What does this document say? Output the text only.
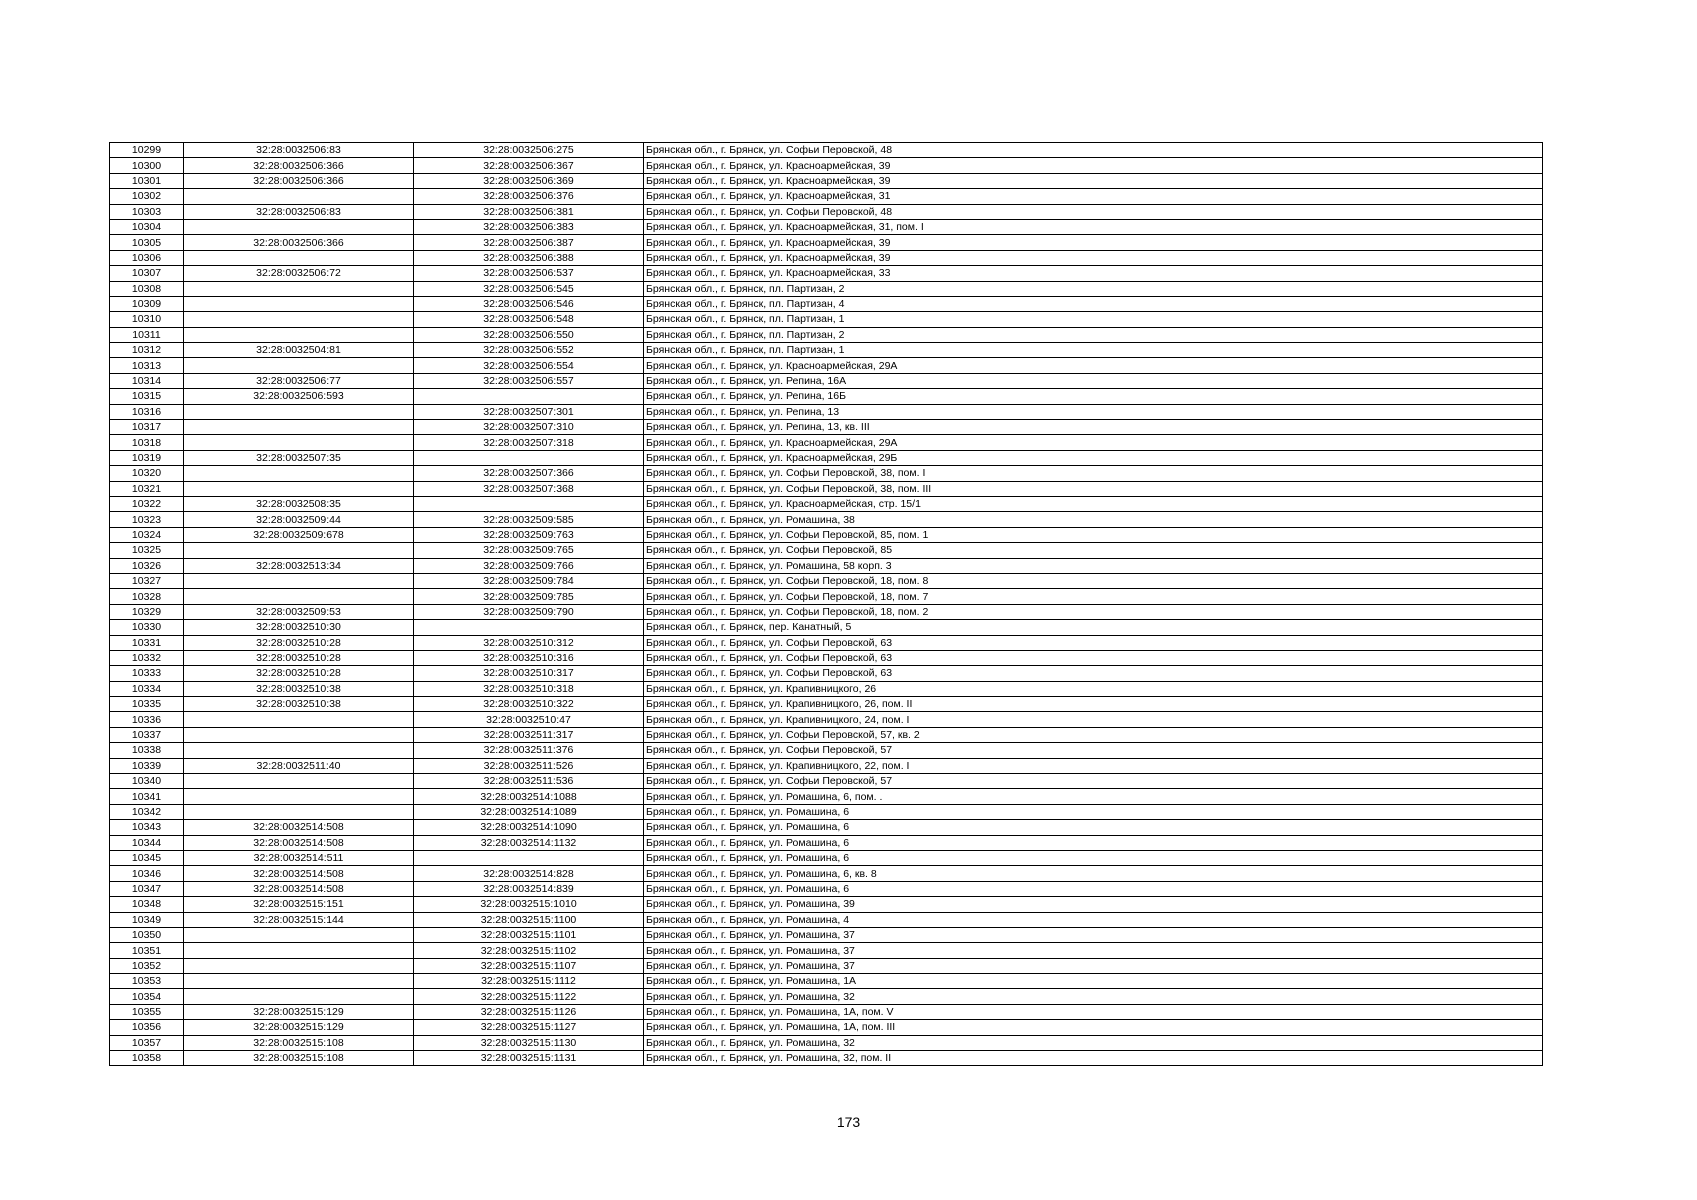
10299	32:28:0032506:83	32:28:0032506:275	Брянская обл., г. Брянск, ул. Софьи Перовской, 48
10300	32:28:0032506:366	32:28:0032506:367	Брянская обл., г. Брянск, ул. Красноармейская, 39
10301	32:28:0032506:366	32:28:0032506:369	Брянская обл., г. Брянск, ул. Красноармейская, 39
10302		32:28:0032506:376	Брянская обл., г. Брянск, ул. Красноармейская, 31
10303	32:28:0032506:83	32:28:0032506:381	Брянская обл., г. Брянск, ул. Софьи Перовской, 48
10304		32:28:0032506:383	Брянская обл., г. Брянск, ул. Красноармейская, 31, пом. I
10305	32:28:0032506:366	32:28:0032506:387	Брянская обл., г. Брянск, ул. Красноармейская, 39
10306		32:28:0032506:388	Брянская обл., г. Брянск, ул. Красноармейская, 39
10307	32:28:0032506:72	32:28:0032506:537	Брянская обл., г. Брянск, ул. Красноармейская, 33
10308		32:28:0032506:545	Брянская обл., г. Брянск, пл. Партизан, 2
10309		32:28:0032506:546	Брянская обл., г. Брянск, пл. Партизан, 4
10310		32:28:0032506:548	Брянская обл., г. Брянск, пл. Партизан, 1
10311		32:28:0032506:550	Брянская обл., г. Брянск, пл. Партизан, 2
10312	32:28:0032504:81	32:28:0032506:552	Брянская обл., г. Брянск, пл. Партизан, 1
10313		32:28:0032506:554	Брянская обл., г. Брянск, ул. Красноармейская, 29А
10314	32:28:0032506:77	32:28:0032506:557	Брянская обл., г. Брянск, ул. Репина, 16А
10315	32:28:0032506:593		Брянская обл., г. Брянск, ул. Репина, 16Б
10316		32:28:0032507:301	Брянская обл., г. Брянск, ул. Репина, 13
10317		32:28:0032507:310	Брянская обл., г. Брянск, ул. Репина, 13, кв. III
10318		32:28:0032507:318	Брянская обл., г. Брянск, ул. Красноармейская, 29А
10319	32:28:0032507:35		Брянская обл., г. Брянск, ул. Красноармейская, 29Б
10320		32:28:0032507:366	Брянская обл., г. Брянск, ул. Софьи Перовской, 38, пом. I
10321		32:28:0032507:368	Брянская обл., г. Брянск, ул. Софьи Перовской, 38, пом. III
10322	32:28:0032508:35		Брянская обл., г. Брянск, ул. Красноармейская, стр. 15/1
10323	32:28:0032509:44	32:28:0032509:585	Брянская обл., г. Брянск, ул. Ромашина, 38
10324	32:28:0032509:678	32:28:0032509:763	Брянская обл., г. Брянск, ул. Софьи Перовской, 85, пом. 1
10325		32:28:0032509:765	Брянская обл., г. Брянск, ул. Софьи Перовской, 85
10326	32:28:0032513:34	32:28:0032509:766	Брянская обл., г. Брянск, ул. Ромашина, 58 корп. 3
10327		32:28:0032509:784	Брянская обл., г. Брянск, ул. Софьи Перовской, 18, пом. 8
10328		32:28:0032509:785	Брянская обл., г. Брянск, ул. Софьи Перовской, 18, пом. 7
10329	32:28:0032509:53	32:28:0032509:790	Брянская обл., г. Брянск, ул. Софьи Перовской, 18, пом. 2
10330	32:28:0032510:30		Брянская обл., г. Брянск, пер. Канатный, 5
10331	32:28:0032510:28	32:28:0032510:312	Брянская обл., г. Брянск, ул. Софьи Перовской, 63
10332	32:28:0032510:28	32:28:0032510:316	Брянская обл., г. Брянск, ул. Софьи Перовской, 63
10333	32:28:0032510:28	32:28:0032510:317	Брянская обл., г. Брянск, ул. Софьи Перовской, 63
10334	32:28:0032510:38	32:28:0032510:318	Брянская обл., г. Брянск, ул. Крапивницкого, 26
10335	32:28:0032510:38	32:28:0032510:322	Брянская обл., г. Брянск, ул. Крапивницкого, 26, пом. II
10336		32:28:0032510:47	Брянская обл., г. Брянск, ул. Крапивницкого, 24, пом. I
10337		32:28:0032511:317	Брянская обл., г. Брянск, ул. Софьи Перовской, 57, кв. 2
10338		32:28:0032511:376	Брянская обл., г. Брянск, ул. Софьи Перовской, 57
10339	32:28:0032511:40	32:28:0032511:526	Брянская обл., г. Брянск, ул. Крапивницкого, 22, пом. I
10340		32:28:0032511:536	Брянская обл., г. Брянск, ул. Софьи Перовской, 57
10341		32:28:0032514:1088	Брянская обл., г. Брянск, ул. Ромашина, 6, пом. .
10342		32:28:0032514:1089	Брянская обл., г. Брянск, ул. Ромашина, 6
10343	32:28:0032514:508	32:28:0032514:1090	Брянская обл., г. Брянск, ул. Ромашина, 6
10344	32:28:0032514:508	32:28:0032514:1132	Брянская обл., г. Брянск, ул. Ромашина, 6
10345	32:28:0032514:511		Брянская обл., г. Брянск, ул. Ромашина, 6
10346	32:28:0032514:508	32:28:0032514:828	Брянская обл., г. Брянск, ул. Ромашина, 6, кв. 8
10347	32:28:0032514:508	32:28:0032514:839	Брянская обл., г. Брянск, ул. Ромашина, 6
10348	32:28:0032515:151	32:28:0032515:1010	Брянская обл., г. Брянск, ул. Ромашина, 39
10349	32:28:0032515:144	32:28:0032515:1100	Брянская обл., г. Брянск, ул. Ромашина, 4
10350		32:28:0032515:1101	Брянская обл., г. Брянск, ул. Ромашина, 37
10351		32:28:0032515:1102	Брянская обл., г. Брянск, ул. Ромашина, 37
10352		32:28:0032515:1107	Брянская обл., г. Брянск, ул. Ромашина, 37
10353		32:28:0032515:1112	Брянская обл., г. Брянск, ул. Ромашина, 1А
10354		32:28:0032515:1122	Брянская обл., г. Брянск, ул. Ромашина, 32
10355	32:28:0032515:129	32:28:0032515:1126	Брянская обл., г. Брянск, ул. Ромашина, 1А, пом. V
10356	32:28:0032515:129	32:28:0032515:1127	Брянская обл., г. Брянск, ул. Ромашина, 1А, пом. III
10357	32:28:0032515:108	32:28:0032515:1130	Брянская обл., г. Брянск, ул. Ромашина, 32
10358	32:28:0032515:108	32:28:0032515:1131	Брянская обл., г. Брянск, ул. Ромашина, 32, пом. II
173
